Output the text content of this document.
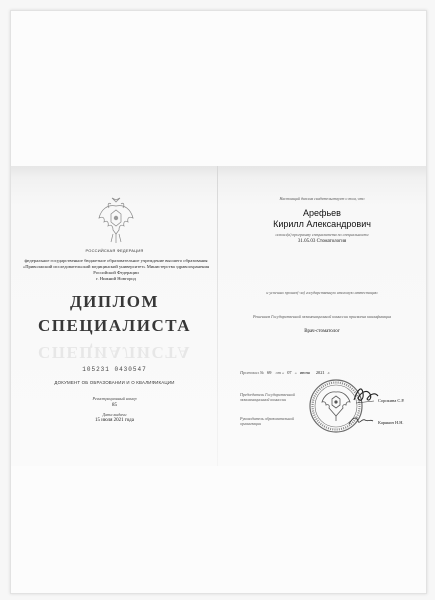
РОССИЙСКАЯ ФЕДЕРАЦИЯ
федеральное государственное бюджетное образовательное учреждение высшего образования «Приволжский исследовательский медицинский университет» Министерства здравоохранения Российской Федерации
г. Нижний Новгород
ДИПЛОМ
СПЕЦИАЛИСТА
СПЕЦИАЛИСТА
105231 0430547
ДОКУМЕНТ ОБ ОБРАЗОВАНИИ И О КВАЛИФИКАЦИИ
Регистрационный номер
85
Дата выдачи
15 июля 2021 года
Настоящий диплом свидетельствует о том, что
Арефьев
Кирилл Александрович
освоил(а) программу специалитета по специальности
31.05.03 Стоматология
и успешно прошел(-ла) государственную итоговую аттестацию
Решением Государственной экзаменационной комиссии присвоена квалификация
Врач-стоматолог
Протокол № 69 от « 07 » июня 2021 г.
Председатель Государственной экзаменационной комиссии	Сорокина С.Р.
Руководитель образовательной организации	Карякин Н.Н.
